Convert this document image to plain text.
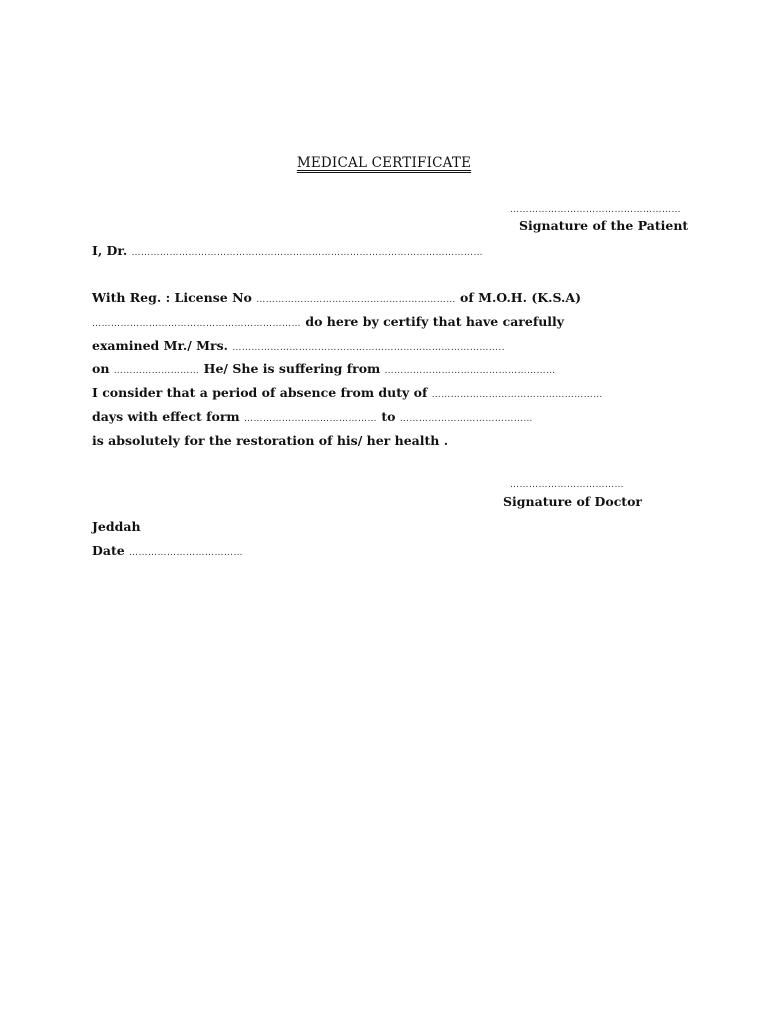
MEDICAL CERTIFICATE
………………………………………………
Signature of the Patient
I, Dr. …………………………………………………………………………………………………
With Reg. : License No ……………………………………………………… of M.O.H. (K.S.A)
………………………………………………………… do here by certify that have carefully
examined Mr./ Mrs. …………………………………………………………………………..
on ……………………… He/ She is suffering from ………………………………………………
I consider that a period of absence from duty of ………………………………………………
days with effect form …………………………………… to ……………………………………
is absolutely for the restoration of his/ her health .
………………………………
Signature of Doctor
Jeddah
Date ………………………………
